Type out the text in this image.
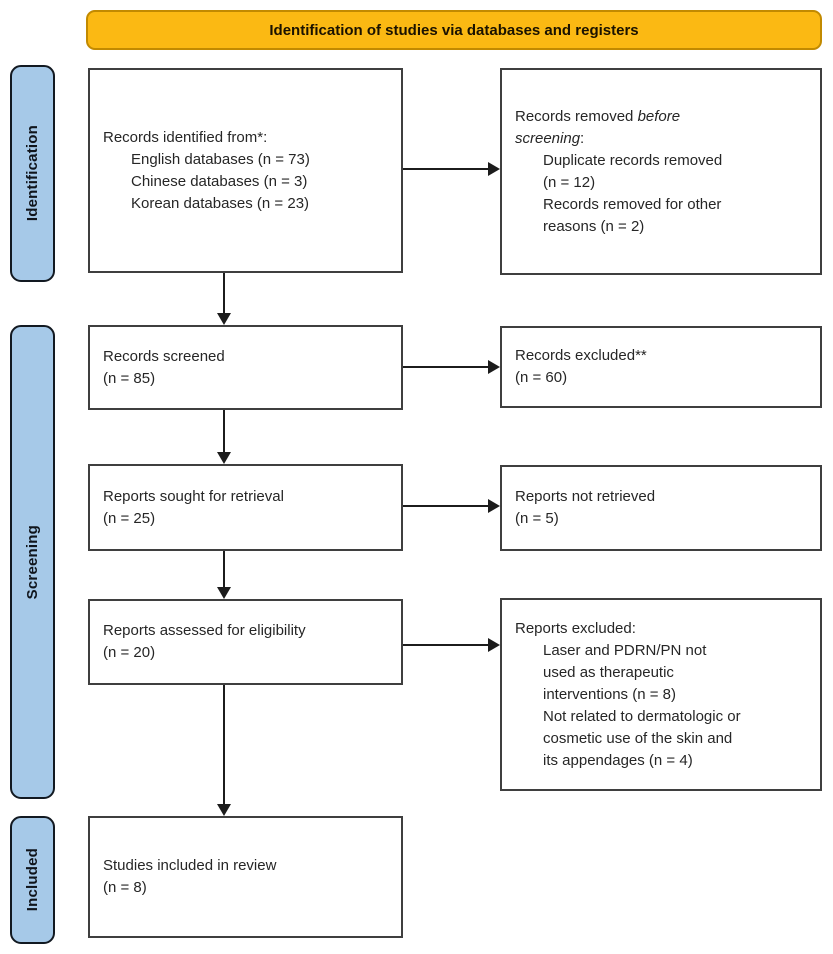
Identification of studies via databases and registers
Identification
Screening
Included
Records identified from*:
English databases (n = 73)
Chinese databases (n = 3)
Korean databases (n = 23)
Records removed before
screening:
Duplicate records removed
(n = 12)
Records removed for other
reasons (n = 2)
Records screened
(n = 85)
Records excluded**
(n = 60)
Reports sought for retrieval
(n = 25)
Reports not retrieved
(n = 5)
Reports assessed for eligibility
(n = 20)
Reports excluded:
Laser and PDRN/PN not
used as therapeutic
interventions (n = 8)
Not related to dermatologic or
cosmetic use of the skin and
its appendages (n = 4)
Studies included in review
(n = 8)
